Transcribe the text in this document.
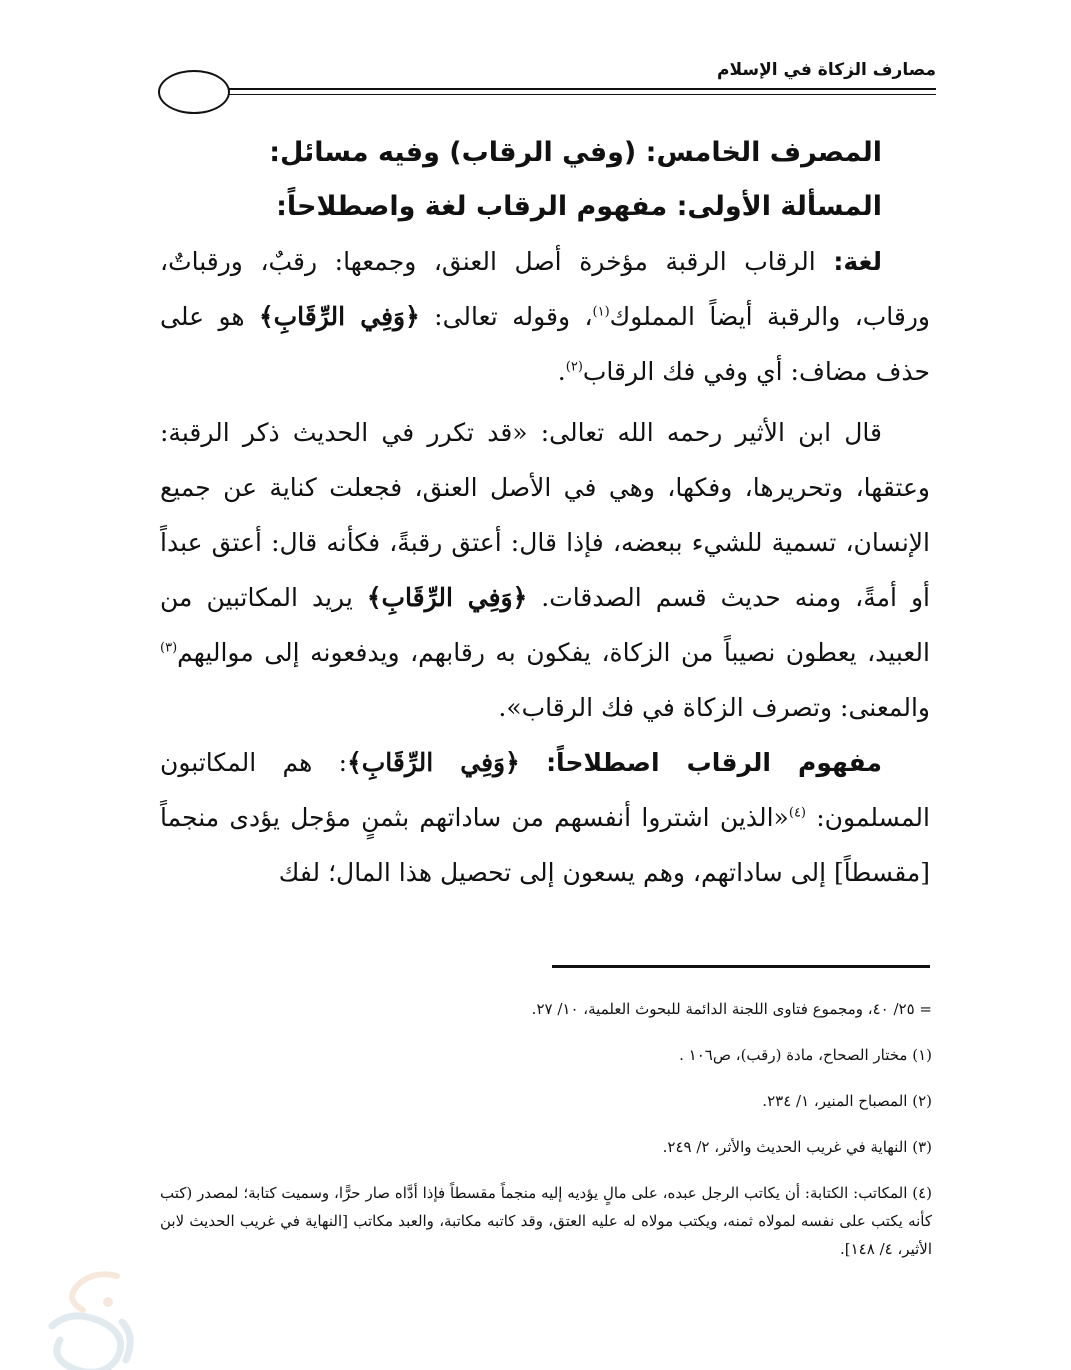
مصارف الزكاة في الإسلام

المصرف الخامس: (وفي الرقاب) وفيه مسائل:

المسألة الأولى: مفهوم الرقاب لغة واصطلاحاً:

لغة: الرقاب الرقبة مؤخرة أصل العنق، وجمعها: رقبٌ، ورقباتٌ، ورقاب، والرقبة أيضاً المملوك$^{(١)}$، وقوله تعالى: ﴿وَفِي الرِّقَابِ﴾ هو على حذف مضاف: أي وفي فك الرقاب$^{(٢)}$.

قال ابن الأثير رحمه الله تعالى: «قد تكرر في الحديث ذكر الرقبة: وعتقها، وتحريرها، وفكها، وهي في الأصل العنق، فجعلت كناية عن جميع الإنسان، تسمية للشيء ببعضه، فإذا قال: أعتق رقبةً، فكأنه قال: أعتق عبداً أو أمةً، ومنه حديث قسم الصدقات. ﴿وَفِي الرِّقَابِ﴾ يريد المكاتبين من العبيد، يعطون نصيباً من الزكاة، يفكون به رقابهم، ويدفعونه إلى مواليهم$^{(٣)}$ والمعنى: وتصرف الزكاة في فك الرقاب».

مفهوم الرقاب اصطلاحاً: ﴿وَفِي الرِّقَابِ﴾: هم المكاتبون المسلمون: $^{(٤)}$«الذين اشتروا أنفسهم من ساداتهم بثمنٍ مؤجل يؤدى منجماً [مقسطاً] إلى ساداتهم، وهم يسعون إلى تحصيل هذا المال؛ لفك

= ٢٥/ ٤٠، ومجموع فتاوى اللجنة الدائمة للبحوث العلمية، ١٠/ ٢٧.

(١) مختار الصحاح، مادة (رقب)، ص١٠٦ .

(٢) المصباح المنير، ١/ ٢٣٤.

(٣) النهاية في غريب الحديث والأثر، ٢/ ٢٤٩.

(٤) المكاتب: الكتابة: أن يكاتب الرجل عبده، على مالٍ يؤديه إليه منجماً مقسطاً فإذا أدَّاه صار حرًّا، وسميت كتابة؛ لمصدر (كتب كأنه يكتب على نفسه لمولاه ثمنه، ويكتب مولاه له عليه العتق، وقد كاتبه مكاتبة، والعبد مكاتب [النهاية في غريب الحديث لابن الأثير، ٤/ ١٤٨].
